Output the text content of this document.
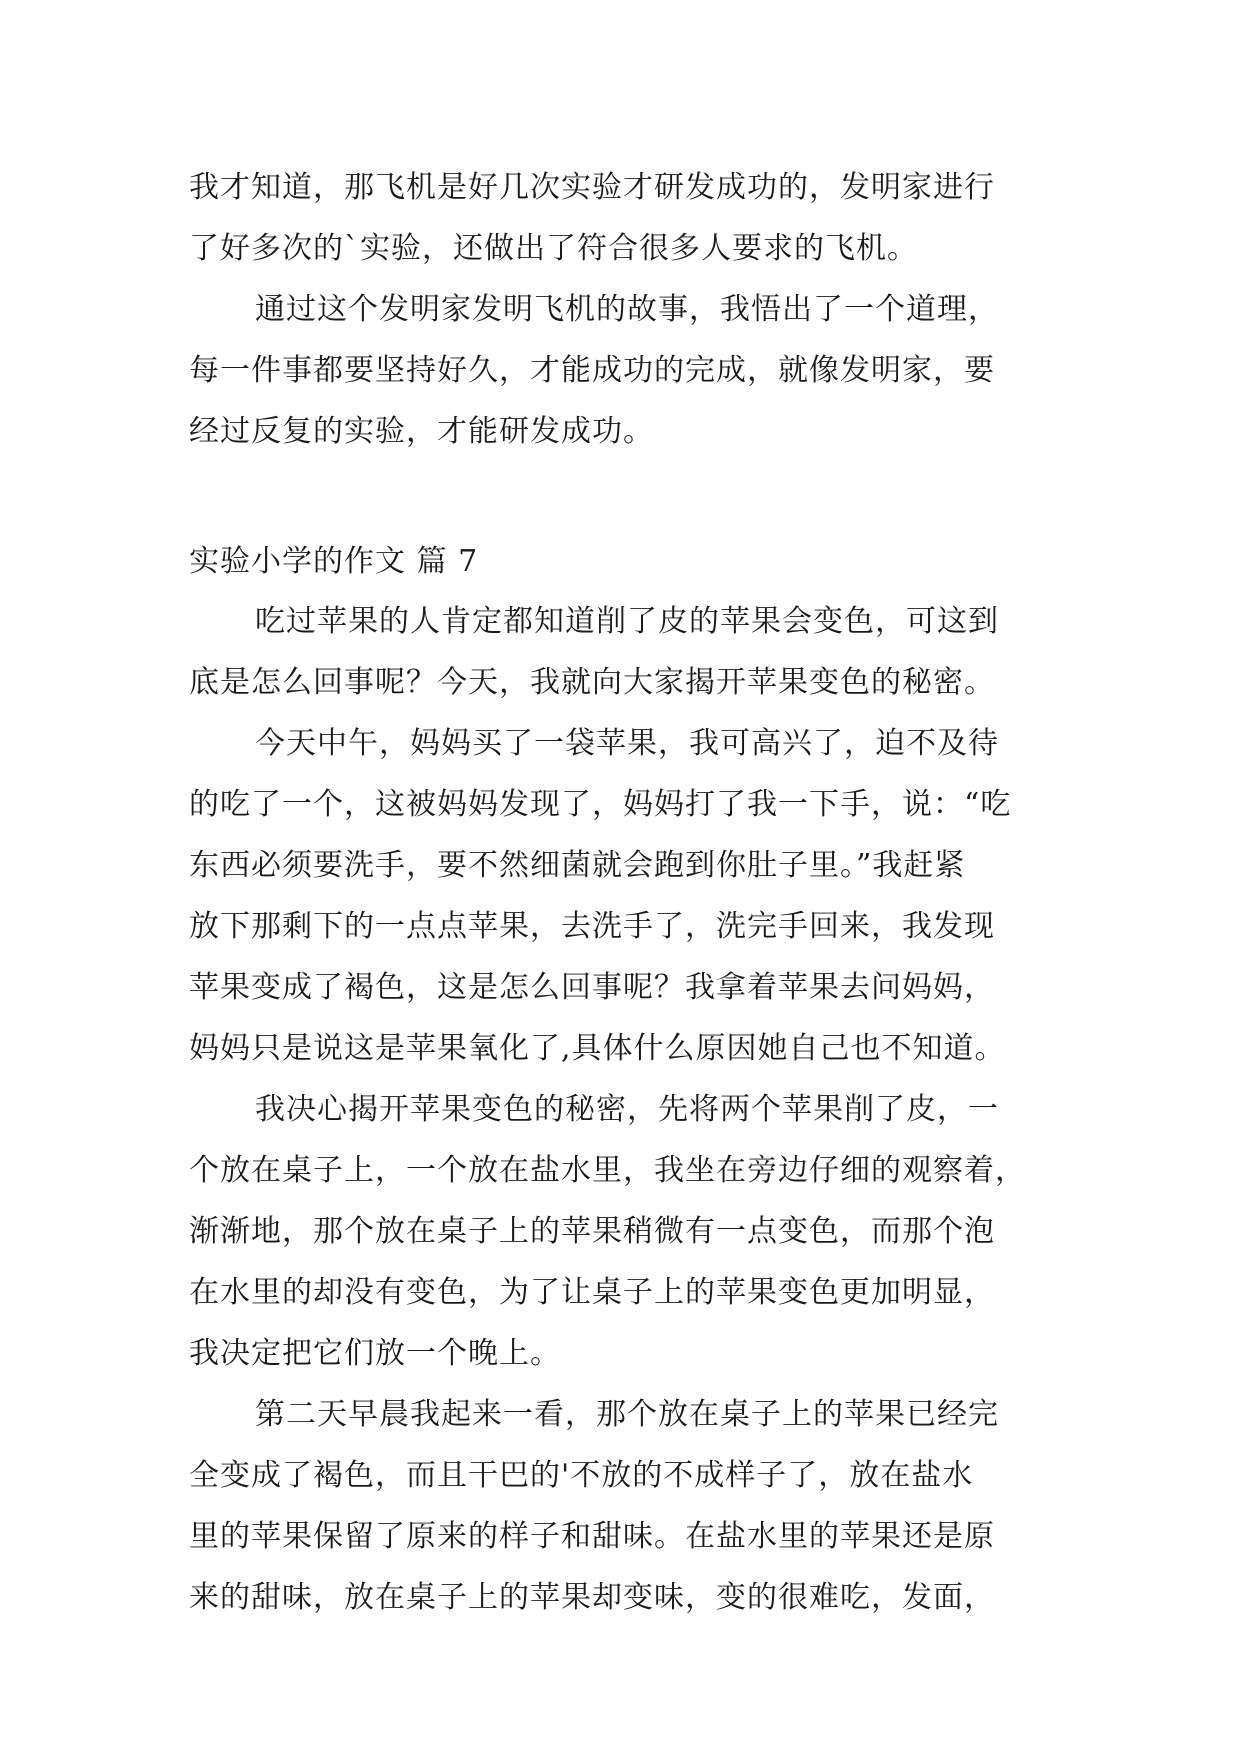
我才知道，那飞机是好几次实验才研发成功的，发明家进行
了好多次的`实验，还做出了符合很多人要求的飞机。
通过这个发明家发明飞机的故事，我悟出了一个道理，
每一件事都要坚持好久，才能成功的完成，就像发明家，要
经过反复的实验，才能研发成功。
实验小学的作文 篇 7
吃过苹果的人肯定都知道削了皮的苹果会变色，可这到
底是怎么回事呢？今天，我就向大家揭开苹果变色的秘密。
今天中午，妈妈买了一袋苹果，我可高兴了，迫不及待
的吃了一个，这被妈妈发现了，妈妈打了我一下手，说：“吃
东西必须要洗手，要不然细菌就会跑到你肚子里。”我赶紧
放下那剩下的一点点苹果，去洗手了，洗完手回来，我发现
苹果变成了褐色，这是怎么回事呢？我拿着苹果去问妈妈，
妈妈只是说这是苹果氧化了,具体什么原因她自己也不知道。
我决心揭开苹果变色的秘密，先将两个苹果削了皮，一
个放在桌子上，一个放在盐水里，我坐在旁边仔细的观察着，
渐渐地，那个放在桌子上的苹果稍微有一点变色，而那个泡
在水里的却没有变色，为了让桌子上的苹果变色更加明显，
我决定把它们放一个晚上。
第二天早晨我起来一看，那个放在桌子上的苹果已经完
全变成了褐色，而且干巴的'不放的不成样子了，放在盐水
里的苹果保留了原来的样子和甜味。在盐水里的苹果还是原
来的甜味，放在桌子上的苹果却变味，变的很难吃，发面，
